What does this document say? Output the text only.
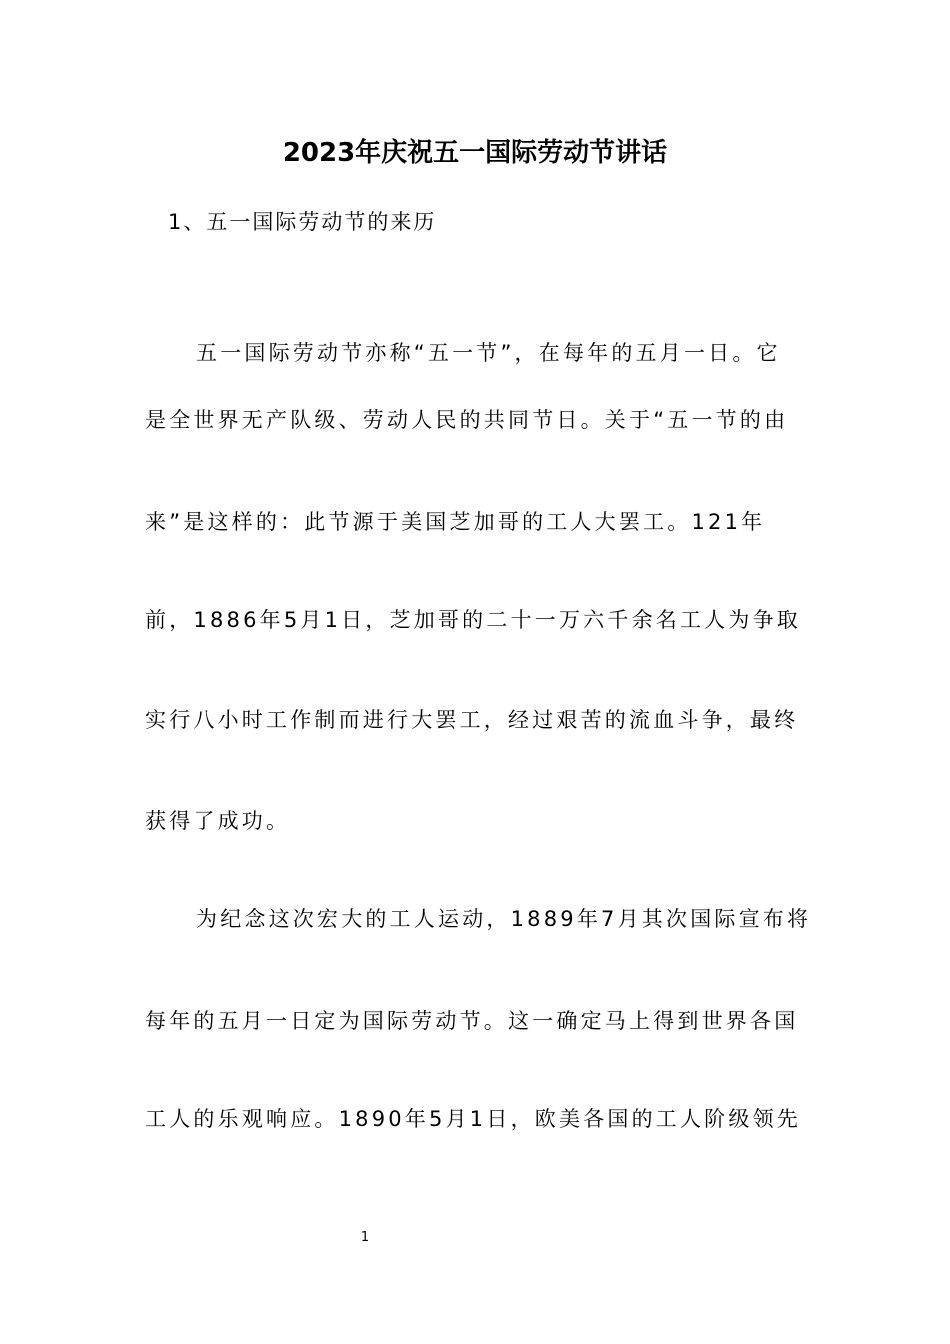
2023年庆祝五一国际劳动节讲话

1、五一国际劳动节的来历

五一国际劳动节亦称“五一节”，在每年的五月一日。它

是全世界无产队级、劳动人民的共同节日。关于“五一节的由

来”是这样的：此节源于美国芝加哥的工人大罢工。121年

前，1886年5月1日，芝加哥的二十一万六千余名工人为争取

实行八小时工作制而进行大罢工，经过艰苦的流血斗争，最终

获得了成功。

为纪念这次宏大的工人运动，1889年7月其次国际宣布将

每年的五月一日定为国际劳动节。这一确定马上得到世界各国

工人的乐观响应。1890年5月1日，欧美各国的工人阶级领先

1
